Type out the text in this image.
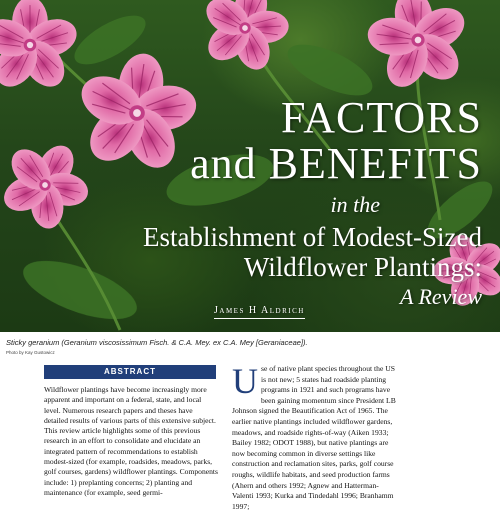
FACTORS
and BENEFITS
in the
Establishment of Modest-Sized
Wildflower Plantings:
A Review
James H Aldrich
Sticky geranium (Geranium viscosissimum Fisch. & C.A. Mey. ex C.A. Mey [Geraniaceae]).
Photo by Kay Gustowicz
ABSTRACT
Wildflower plantings have become increasingly more apparent and important on a federal, state, and local level. Numerous research papers and theses have detailed results of various parts of this extensive subject. This review article highlights some of this previous research in an effort to consolidate and elucidate an integrated pattern of recommendations to establish modest-sized (for example, roadsides, meadows, parks, golf courses, gardens) wildflower plantings. Components include: 1) preplanting concerns; 2) planting and maintenance (for example, seed germi-
U se of native plant species throughout the US is not new; 5 states had roadside planting programs in 1921 and such programs have been gaining momentum since President LB Johnson signed the Beautification Act of 1965. The earlier native plantings included wildflower gardens, meadows, and roadside rights-of-way (Aiken 1933; Bailey 1982; ODOT 1988), but native plantings are now becoming common in diverse settings like construction and reclamation sites, parks, golf course roughs, wildlife habitats, and seed production farms (Ahern and others 1992; Agnew and Hatterman-Valenti 1993; Kurka and Tindedahl 1996; Branhamm 1997;
